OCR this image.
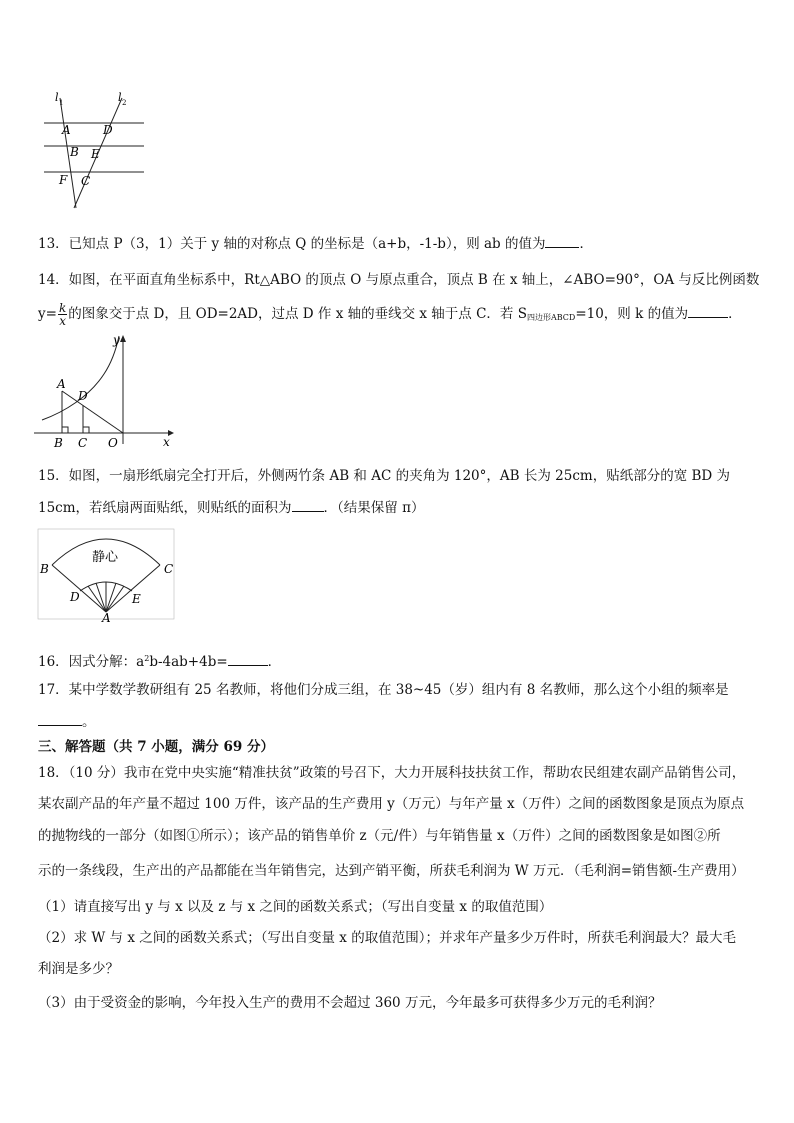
l 1	l 2
A	D
B E
F C
13．已知点 P（3，1）关于 y 轴的对称点 Q 的坐标是（a+b，-1-b），则 ab 的值为	．
14．如图，在平面直角坐标系中，Rt△ABO 的顶点 O 与原点重合，顶点 B 在 x 轴上，∠ABO=90°，OA 与反比例函数
$y= \frac{k}{x}$ 的图象交于点 D，且 OD=2AD，过点 D 作 x 轴的垂线交 x 轴于点 C．若 $S_{四边形ABCD}=10$，则 k 的值为	．
y
A
D
B C O	x
15．如图，一扇形纸扇完全打开后，外侧两竹条 AB 和 AC 的夹角为 120°，AB 长为 25cm，贴纸部分的宽 BD 为
15cm，若纸扇两面贴纸，则贴纸的面积为 ．（结果保留 π）
静心
B	C
D	E
A
16．因式分解：$a^2b-4ab+4b=$	．
17．某中学数学教研组有 25 名教师，将他们分成三组，在 38~45（岁）组内有 8 名教师，那么这个小组的频率是
。
三、解答题（共 7 小题，满分 69 分）
18．（10 分）我市在党中央实施“精准扶贫”政策的号召下，大力开展科技扶贫工作，帮助农民组建农副产品销售公司，
某农副产品的年产量不超过 100 万件，该产品的生产费用 y（万元）与年产量 x（万件）之间的函数图象是顶点为原点
的抛物线的一部分（如图①所示）；该产品的销售单价 z（元/件）与年销售量 x（万件）之间的函数图象是如图②所
示的一条线段，生产出的产品都能在当年销售完，达到产销平衡，所获毛利润为 W 万元．（毛利润=销售额-生产费用）
（1）请直接写出 y 与 x 以及 z 与 x 之间的函数关系式；（写出自变量 x 的取值范围）
（2）求 W 与 x 之间的函数关系式；（写出自变量 x 的取值范围）；并求年产量多少万件时，所获毛利润最大？最大毛
利润是多少？
（3）由于受资金的影响，今年投入生产的费用不会超过 360 万元，今年最多可获得多少万元的毛利润？
